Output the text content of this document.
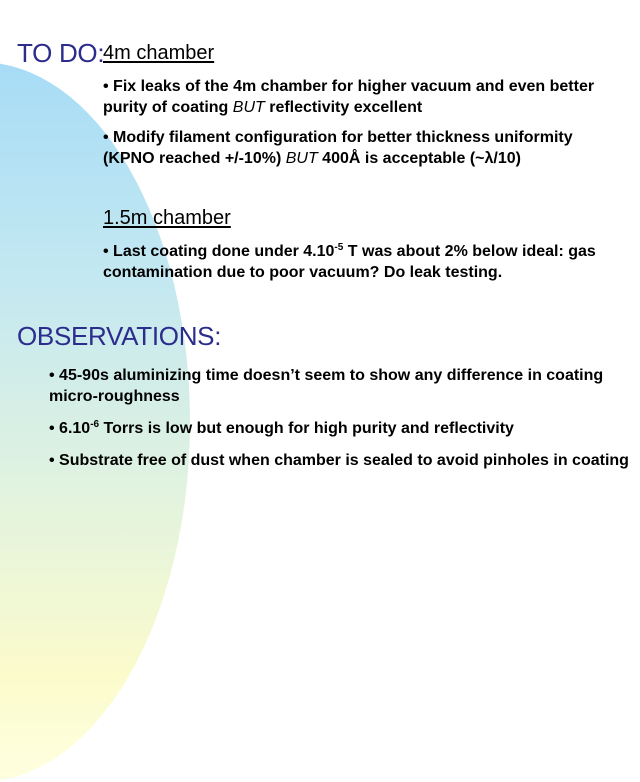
TO DO:
4m chamber

• Fix leaks of the 4m chamber for higher vacuum and even better purity of coating BUT reflectivity excellent

• Modify filament configuration for better thickness uniformity (KPNO reached +/-10%) BUT 400Å is acceptable (~λ/10)

1.5m chamber

• Last coating done under $4.10^{-5}$ T was about 2% below ideal: gas contamination due to poor vacuum? Do leak testing.

OBSERVATIONS:

• 45-90s aluminizing time doesn’t seem to show any difference in coating micro-roughness

• $6.10^{-6}$ Torrs is low but enough for high purity and reflectivity

• Substrate free of dust when chamber is sealed to avoid pinholes in coating
